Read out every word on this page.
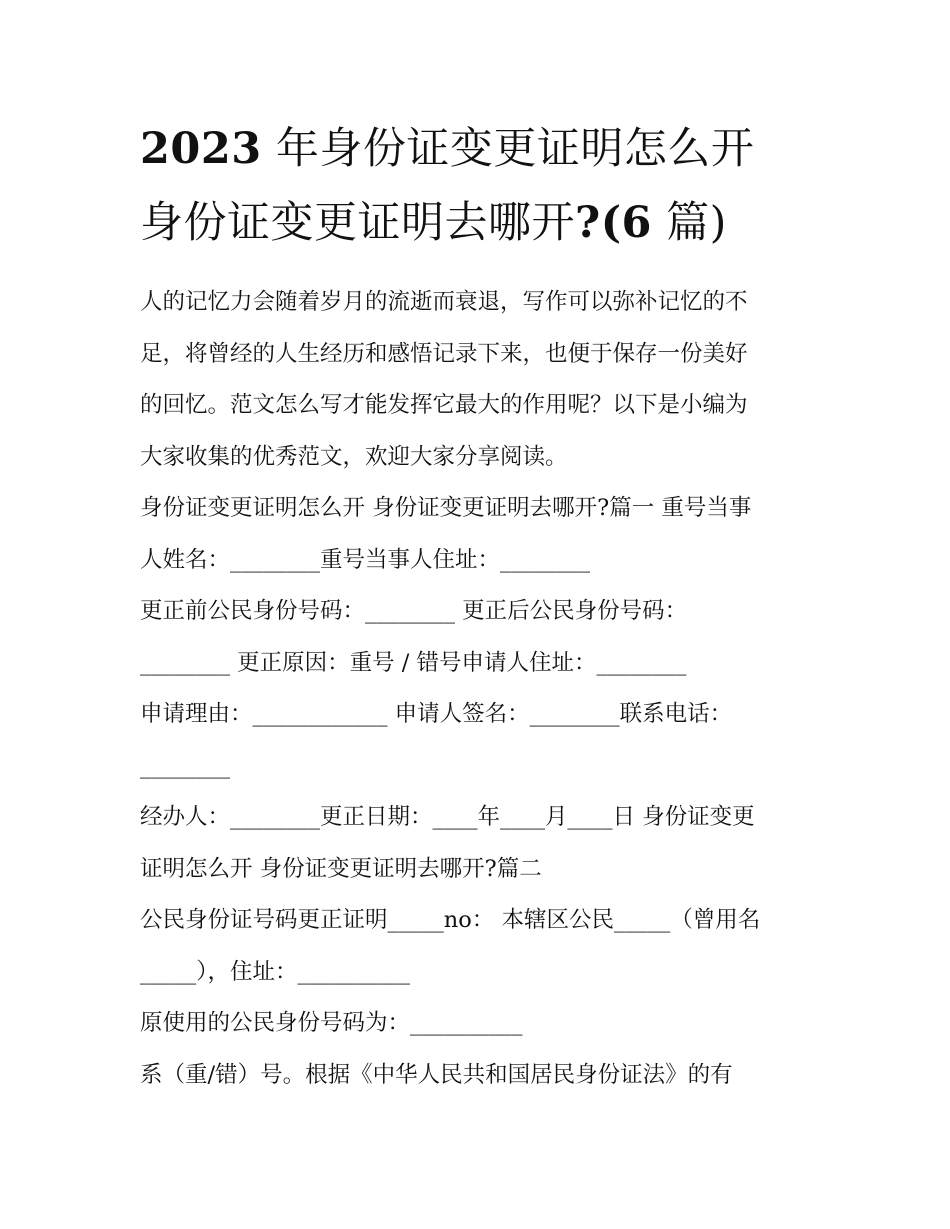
2023 年身份证变更证明怎么开
身份证变更证明去哪开?(6 篇)

人的记忆力会随着岁月的流逝而衰退，写作可以弥补记忆的不

足，将曾经的人生经历和感悟记录下来，也便于保存一份美好

的回忆。范文怎么写才能发挥它最大的作用呢？以下是小编为

大家收集的优秀范文，欢迎大家分享阅读。

身份证变更证明怎么开 身份证变更证明去哪开?篇一 重号当事

人姓名：________重号当事人住址：________

更正前公民身份号码：________ 更正后公民身份号码：

________ 更正原因：重号 / 错号申请人住址：________

申请理由：____________ 申请人签名：________联系电话：

________

经办人：________更正日期：____年____月____日 身份证变更

证明怎么开 身份证变更证明去哪开?篇二

公民身份证号码更正证明_____no： 本辖区公民_____（曾用名

_____），住址：__________

原使用的公民身份号码为：__________

系（重/错）号。根据《中华人民共和国居民身份证法》的有
